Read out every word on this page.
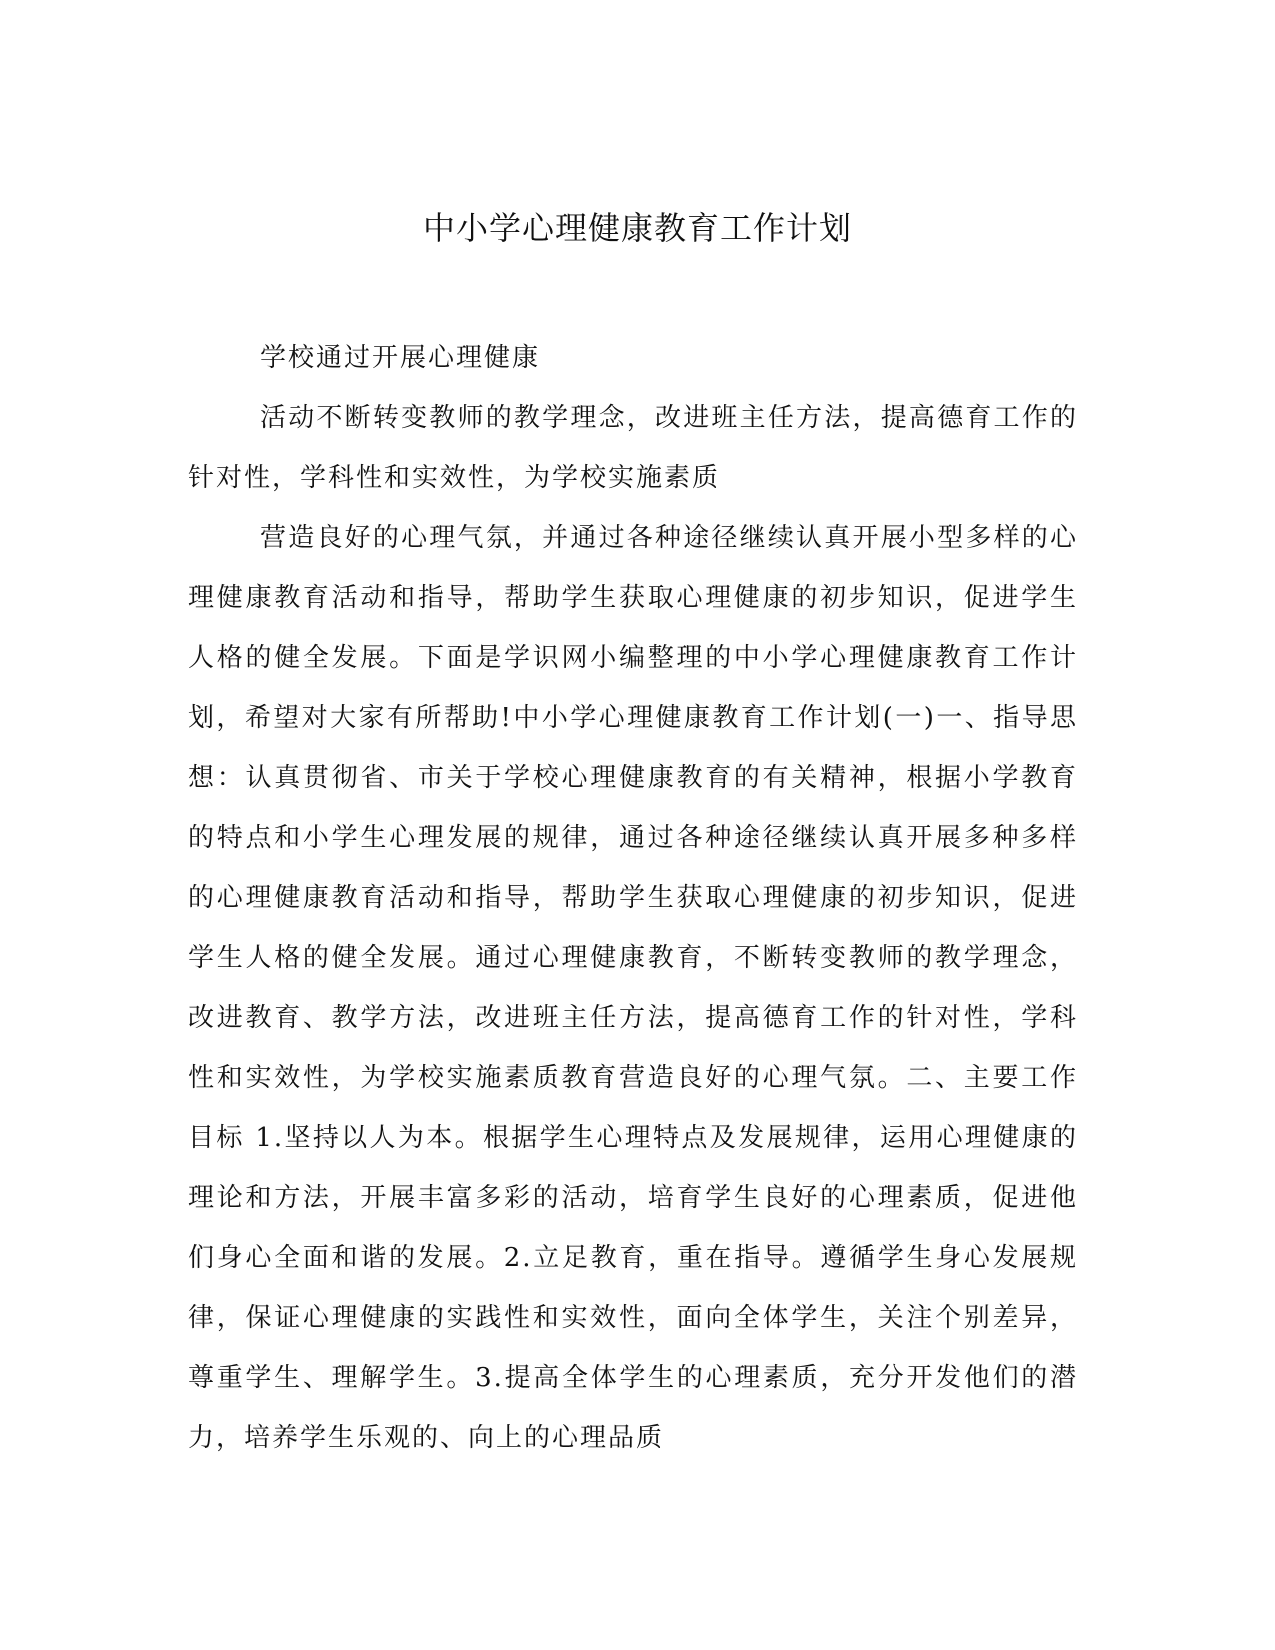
中小学心理健康教育工作计划

学校通过开展心理健康

活动不断转变教师的教学理念，改进班主任方法，提高德育工作的针对性，学科性和实效性，为学校实施素质

营造良好的心理气氛，并通过各种途径继续认真开展小型多样的心理健康教育活动和指导，帮助学生获取心理健康的初步知识，促进学生人格的健全发展。下面是学识网小编整理的中小学心理健康教育工作计划，希望对大家有所帮助!中小学心理健康教育工作计划(一)一、指导思想：认真贯彻省、市关于学校心理健康教育的有关精神，根据小学教育的特点和小学生心理发展的规律，通过各种途径继续认真开展多种多样的心理健康教育活动和指导，帮助学生获取心理健康的初步知识，促进学生人格的健全发展。通过心理健康教育，不断转变教师的教学理念，改进教育、教学方法，改进班主任方法，提高德育工作的针对性，学科性和实效性，为学校实施素质教育营造良好的心理气氛。二、主要工作目标 1.坚持以人为本。根据学生心理特点及发展规律，运用心理健康的理论和方法，开展丰富多彩的活动，培育学生良好的心理素质，促进他们身心全面和谐的发展。2.立足教育，重在指导。遵循学生身心发展规律，保证心理健康的实践性和实效性，面向全体学生，关注个别差异，尊重学生、理解学生。3.提高全体学生的心理素质，充分开发他们的潜力，培养学生乐观的、向上的心理品质
